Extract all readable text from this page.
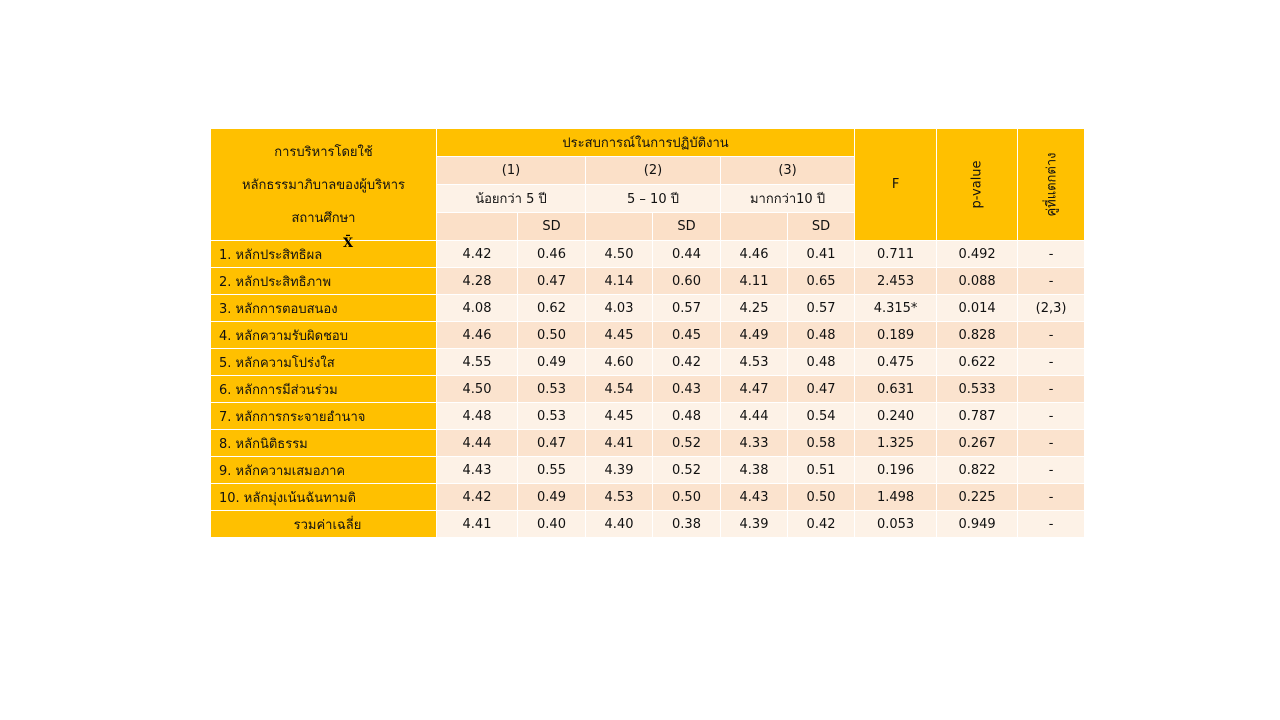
การบริหารโดยใช้
หลักธรรมาภิบาลของผู้บริหาร
สถานศึกษา	ประสบการณ์ในการปฏิบัติงาน						F	p-value	คู่ที่แตกต่าง
	(1)		(2)		(3)				
	น้อยกว่า 5 ปี		5 – 10 ปี		มากกว่า10 ปี				
		SD		SD		SD			
1. หลักประสิทธิผล	4.42	0.46	4.50	0.44	4.46	0.41	0.711	0.492	-
2. หลักประสิทธิภาพ	4.28	0.47	4.14	0.60	4.11	0.65	2.453	0.088	-
3. หลักการตอบสนอง	4.08	0.62	4.03	0.57	4.25	0.57	4.315*	0.014	(2,3)
4. หลักความรับผิดชอบ	4.46	0.50	4.45	0.45	4.49	0.48	0.189	0.828	-
5. หลักความโปร่งใส	4.55	0.49	4.60	0.42	4.53	0.48	0.475	0.622	-
6. หลักการมีส่วนร่วม	4.50	0.53	4.54	0.43	4.47	0.47	0.631	0.533	-
7. หลักการกระจายอำนาจ	4.48	0.53	4.45	0.48	4.44	0.54	0.240	0.787	-
8. หลักนิติธรรม	4.44	0.47	4.41	0.52	4.33	0.58	1.325	0.267	-
9. หลักความเสมอภาค	4.43	0.55	4.39	0.52	4.38	0.51	0.196	0.822	-
10. หลักมุ่งเน้นฉันทามติ	4.42	0.49	4.53	0.50	4.43	0.50	1.498	0.225	-
รวมค่าเฉลี่ย	4.41	0.40	4.40	0.38	4.39	0.42	0.053	0.949	-
X̄
